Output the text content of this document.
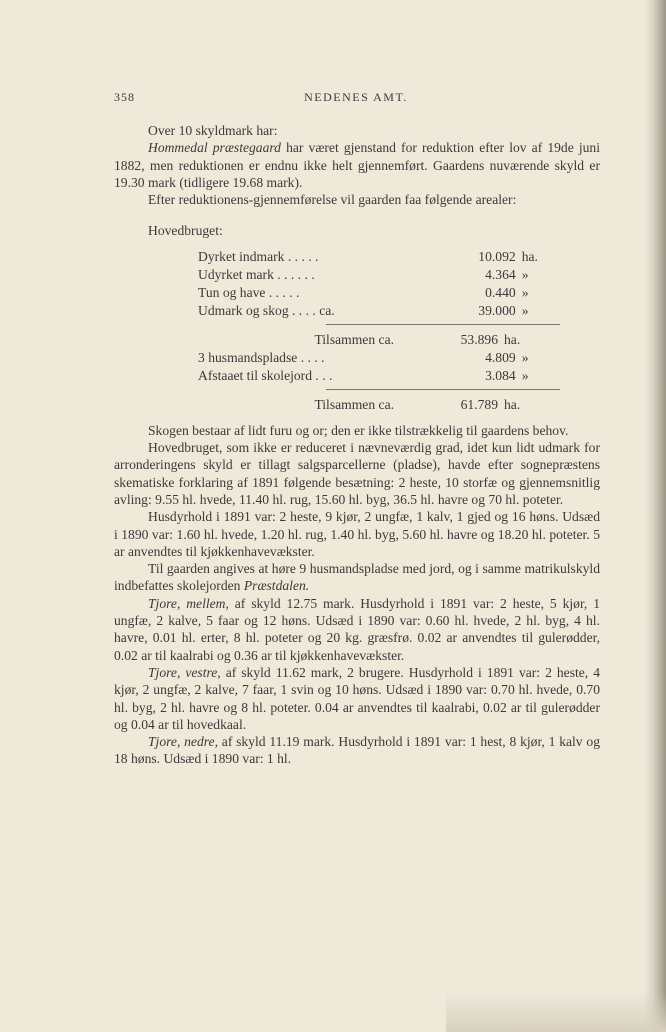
358	NEDENES AMT.

Over 10 skyldmark har:

Hommedal præstegaard har været gjenstand for reduktion efter lov af 19de juni 1882, men reduktionen er endnu ikke helt gjennemført. Gaardens nuværende skyld er 19.30 mark (tidligere 19.68 mark).

Efter reduktionens-gjennemførelse vil gaarden faa følgende arealer:

Hovedbruget:
Dyrket indmark . . . . .	10.092 ha.
Udyrket mark . . . . . .	4.364 »
Tun og have . . . . .	0.440 »
Udmark og skog . . . . ca.	39.000 »
Tilsammen ca.	53.896 ha.
3 husmandspladse . . . .	4.809 »
Afstaaet til skolejord . . .	3.084 »
Tilsammen ca.	61.789 ha.

Skogen bestaar af lidt furu og or; den er ikke tilstrækkelig til gaardens behov.

Hovedbruget, som ikke er reduceret i nævneværdig grad, idet kun lidt udmark for arronderingens skyld er tillagt salgsparcellerne (pladse), havde efter sognepræstens skematiske forklaring af 1891 følgende besætning: 2 heste, 10 storfæ og gjennemsnitlig avling: 9.55 hl. hvede, 11.40 hl. rug, 15.60 hl. byg, 36.5 hl. havre og 70 hl. poteter.

Husdyrhold i 1891 var: 2 heste, 9 kjør, 2 ungfæ, 1 kalv, 1 gjed og 16 høns. Udsæd i 1890 var: 1.60 hl. hvede, 1.20 hl. rug, 1.40 hl. byg, 5.60 hl. havre og 18.20 hl. poteter. 5 ar anvendtes til kjøkkenhavevækster.

Til gaarden angives at høre 9 husmandspladse med jord, og i samme matrikulskyld indbefattes skolejorden Præstdalen.

Tjore, mellem, af skyld 12.75 mark. Husdyrhold i 1891 var: 2 heste, 5 kjør, 1 ungfæ, 2 kalve, 5 faar og 12 høns. Udsæd i 1890 var: 0.60 hl. hvede, 2 hl. byg, 4 hl. havre, 0.01 hl. erter, 8 hl. poteter og 20 kg. græsfrø. 0.02 ar anvendtes til gulerødder, 0.02 ar til kaalrabi og 0.36 ar til kjøkkenhavevækster.

Tjore, vestre, af skyld 11.62 mark, 2 brugere. Husdyrhold i 1891 var: 2 heste, 4 kjør, 2 ungfæ, 2 kalve, 7 faar, 1 svin og 10 høns. Udsæd i 1890 var: 0.70 hl. hvede, 0.70 hl. byg, 2 hl. havre og 8 hl. poteter. 0.04 ar anvendtes til kaalrabi, 0.02 ar til gulerødder og 0.04 ar til hovedkaal.

Tjore, nedre, af skyld 11.19 mark. Husdyrhold i 1891 var: 1 hest, 8 kjør, 1 kalv og 18 høns. Udsæd i 1890 var: 1 hl.
